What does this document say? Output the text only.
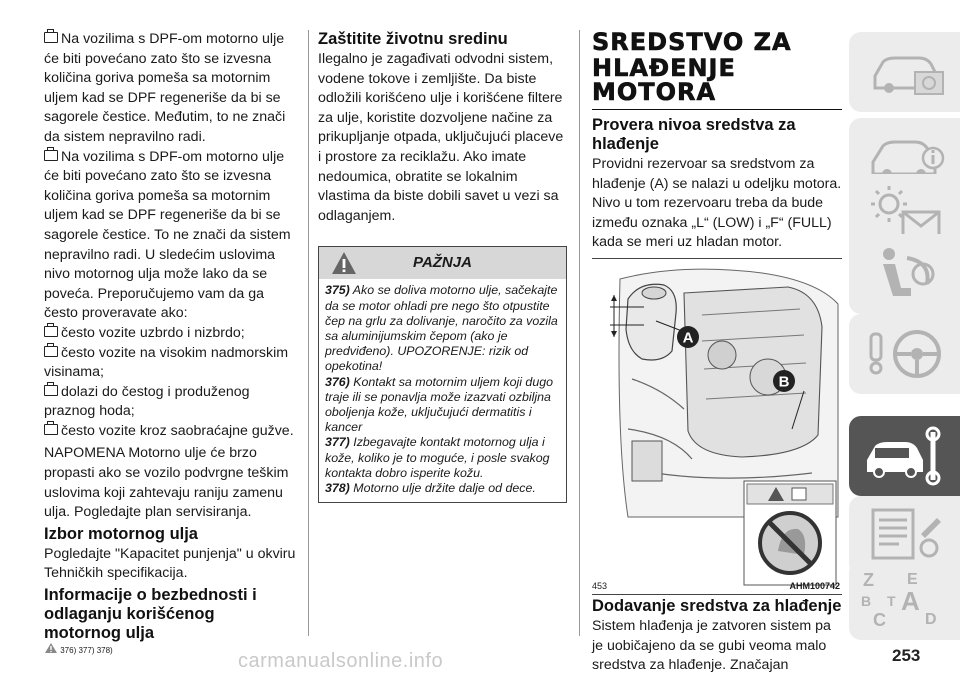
Na vozilima s DPF-om motorno ulje će biti povećano zato što se izvesna količina goriva pomeša sa motornim uljem kad se DPF regeneriše da bi se sagorele čestice. Međutim, to ne znači da sistem nepravilno radi.

Na vozilima s DPF-om motorno ulje će biti povećano zato što se izvesna količina goriva pomeša sa motornim uljem kad se DPF regeneriše da bi se sagorele čestice. To ne znači da sistem nepravilno radi. U sledećim uslovima nivo motornog ulja može lako da se poveća. Preporučujemo vam da ga često proveravate ako:

često vozite uzbrdo i nizbrdo;

često vozite na visokim nadmorskim visinama;

dolazi do čestog i produženog praznog hoda;

često vozite kroz saobraćajne gužve.

NAPOMENA Motorno ulje će brzo propasti ako se vozilo podvrgne teškim uslovima koji zahtevaju raniju zamenu ulja. Pogledajte plan servisiranja.

Izbor motornog ulja

Pogledajte "Kapacitet punjenja" u okviru Tehničkih specifikacija.

Informacije o bezbednosti i odlaganju korišćenog motornog ulja
376) 377) 378)
Zaštitite životnu sredinu

Ilegalno je zagađivati odvodni sistem, vodene tokove i zemljište. Da biste odložili korišćeno ulje i korišćene filtere za ulje, koristite dozvoljene načine za prikupljanje otpada, uključujući placeve i prostore za reciklažu. Ako imate nedoumica, obratite se lokalnim vlastima da biste dobili savet u vezi sa odlaganjem.

PAŽNJA

375) Ako se doliva motorno ulje, sačekajte da se motor ohladi pre nego što otpustite čep na grlu za dolivanje, naročito za vozila sa aluminijumskim čepom (ako je predviđeno). UPOZORENJE: rizik od opekotina!

376) Kontakt sa motornim uljem koji dugo traje ili se ponavlja može izazvati ozbiljna oboljenja kože, uključujući dermatitis i kancer

377) Izbegavajte kontakt motornog ulja i kože, koliko je to moguće, i posle svakog kontakta dobro isperite kožu.

378) Motorno ulje držite dalje od dece.

SREDSTVO ZA

HLAĐENJE MOTORA

Provera nivoa sredstva za hlađenje

Providni rezervoar sa sredstvom za hlađenje (A) se nalazi u odeljku motora. Nivo u tom rezervoaru treba da bude između oznaka „L“ (LOW) i „F“ (FULL) kada se meri uz hladan motor.

A
B
453	AHM100742
Dodavanje sredstva za hlađenje

Sistem hlađenja je zatvoren sistem pa je uobičajeno da se gubi veoma malo sredstva za hlađenje. Značajan

Z E
B A
C
T
D
253
carmanualsonline.info
